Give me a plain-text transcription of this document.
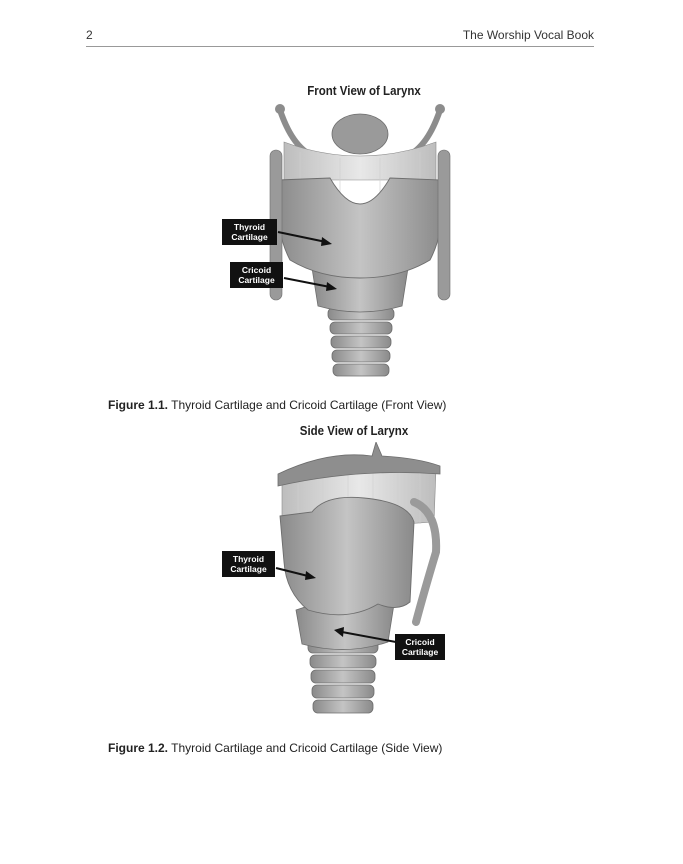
2	The Worship Vocal Book
Front View of Larynx
Thyroid
Cartilage
Cricoid
Cartilage
Figure 1.1. Thyroid Cartilage and Cricoid Cartilage (Front View)
Side View of Larynx
Thyroid
Cartilage
Cricoid
Cartilage
Figure 1.2. Thyroid Cartilage and Cricoid Cartilage (Side View)
